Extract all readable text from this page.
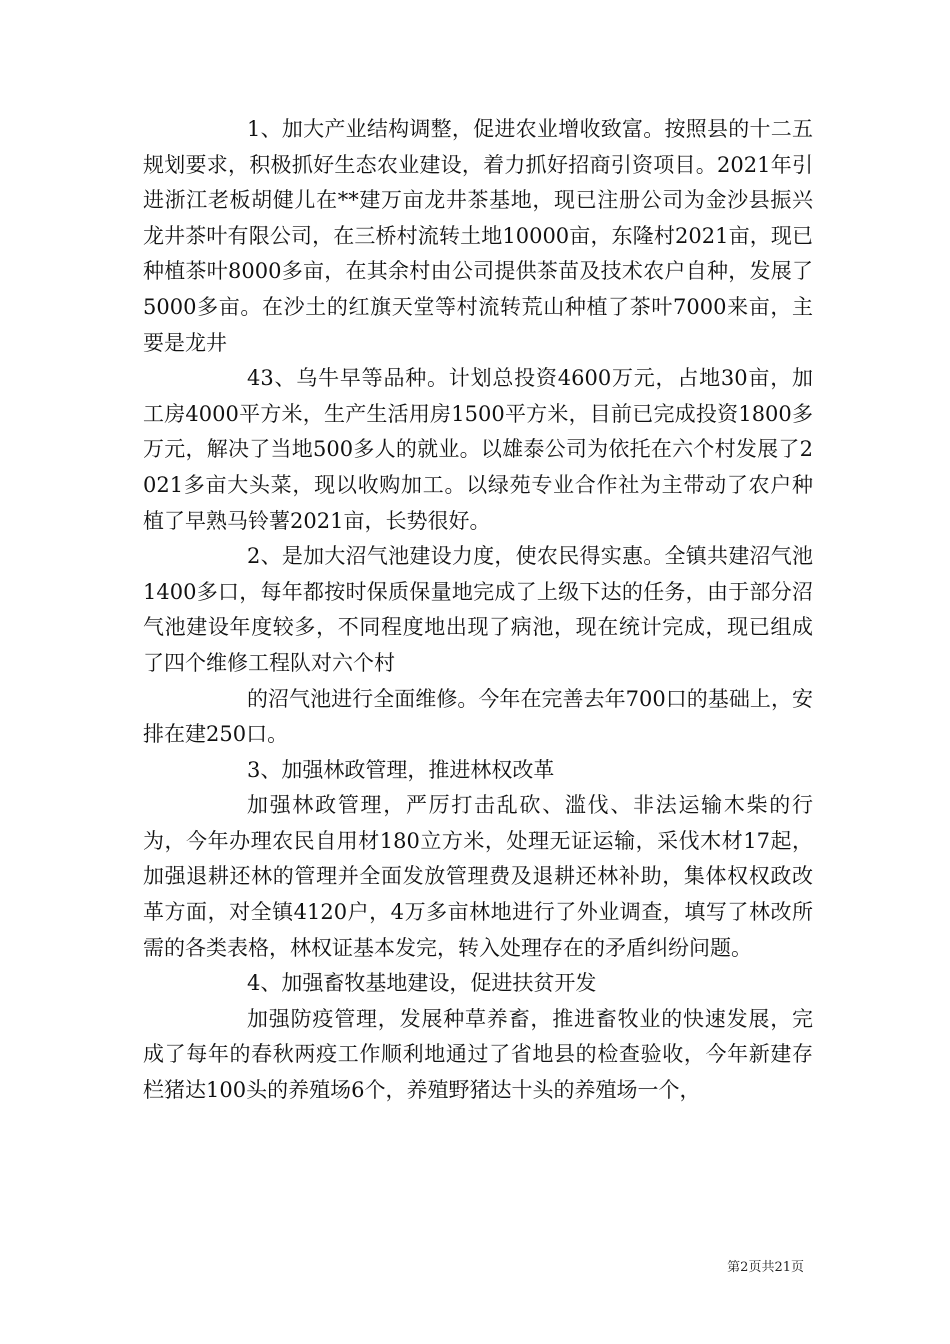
1、加大产业结构调整，促进农业增收致富。按照县的十二五规划要求，积极抓好生态农业建设，着力抓好招商引资项目。2021年引进浙江老板胡健儿在**建万亩龙井茶基地，现已注册公司为金沙县振兴龙井茶叶有限公司，在三桥村流转土地10000亩，东隆村2021亩，现已种植茶叶8000多亩，在其余村由公司提供茶苗及技术农户自种，发展了5000多亩。在沙土的红旗天堂等村流转荒山种植了茶叶7000来亩，主要是龙井

43、乌牛早等品种。计划总投资4600万元，占地30亩，加工房4000平方米，生产生活用房1500平方米，目前已完成投资1800多万元，解决了当地500多人的就业。以雄泰公司为依托在六个村发展了2021多亩大头菜，现以收购加工。以绿苑专业合作社为主带动了农户种植了早熟马铃薯2021亩，长势很好。

2、是加大沼气池建设力度，使农民得实惠。全镇共建沼气池1400多口，每年都按时保质保量地完成了上级下达的任务，由于部分沼气池建设年度较多，不同程度地出现了病池，现在统计完成，现已组成了四个维修工程队对六个村

的沼气池进行全面维修。今年在完善去年700口的基础上，安排在建250口。

3、加强林政管理，推进林权改革

加强林政管理，严厉打击乱砍、滥伐、非法运输木柴的行为，今年办理农民自用材180立方米，处理无证运输，采伐木材17起，加强退耕还林的管理并全面发放管理费及退耕还林补助，集体权权政改革方面，对全镇4120户，4万多亩林地进行了外业调查，填写了林改所需的各类表格，林权证基本发完，转入处理存在的矛盾纠纷问题。

4、加强畜牧基地建设，促进扶贫开发

加强防疫管理，发展种草养畜，推进畜牧业的快速发展，完成了每年的春秋两疫工作顺利地通过了省地县的检查验收，今年新建存栏猪达100头的养殖场6个，养殖野猪达十头的养殖场一个，

第2页共21页
